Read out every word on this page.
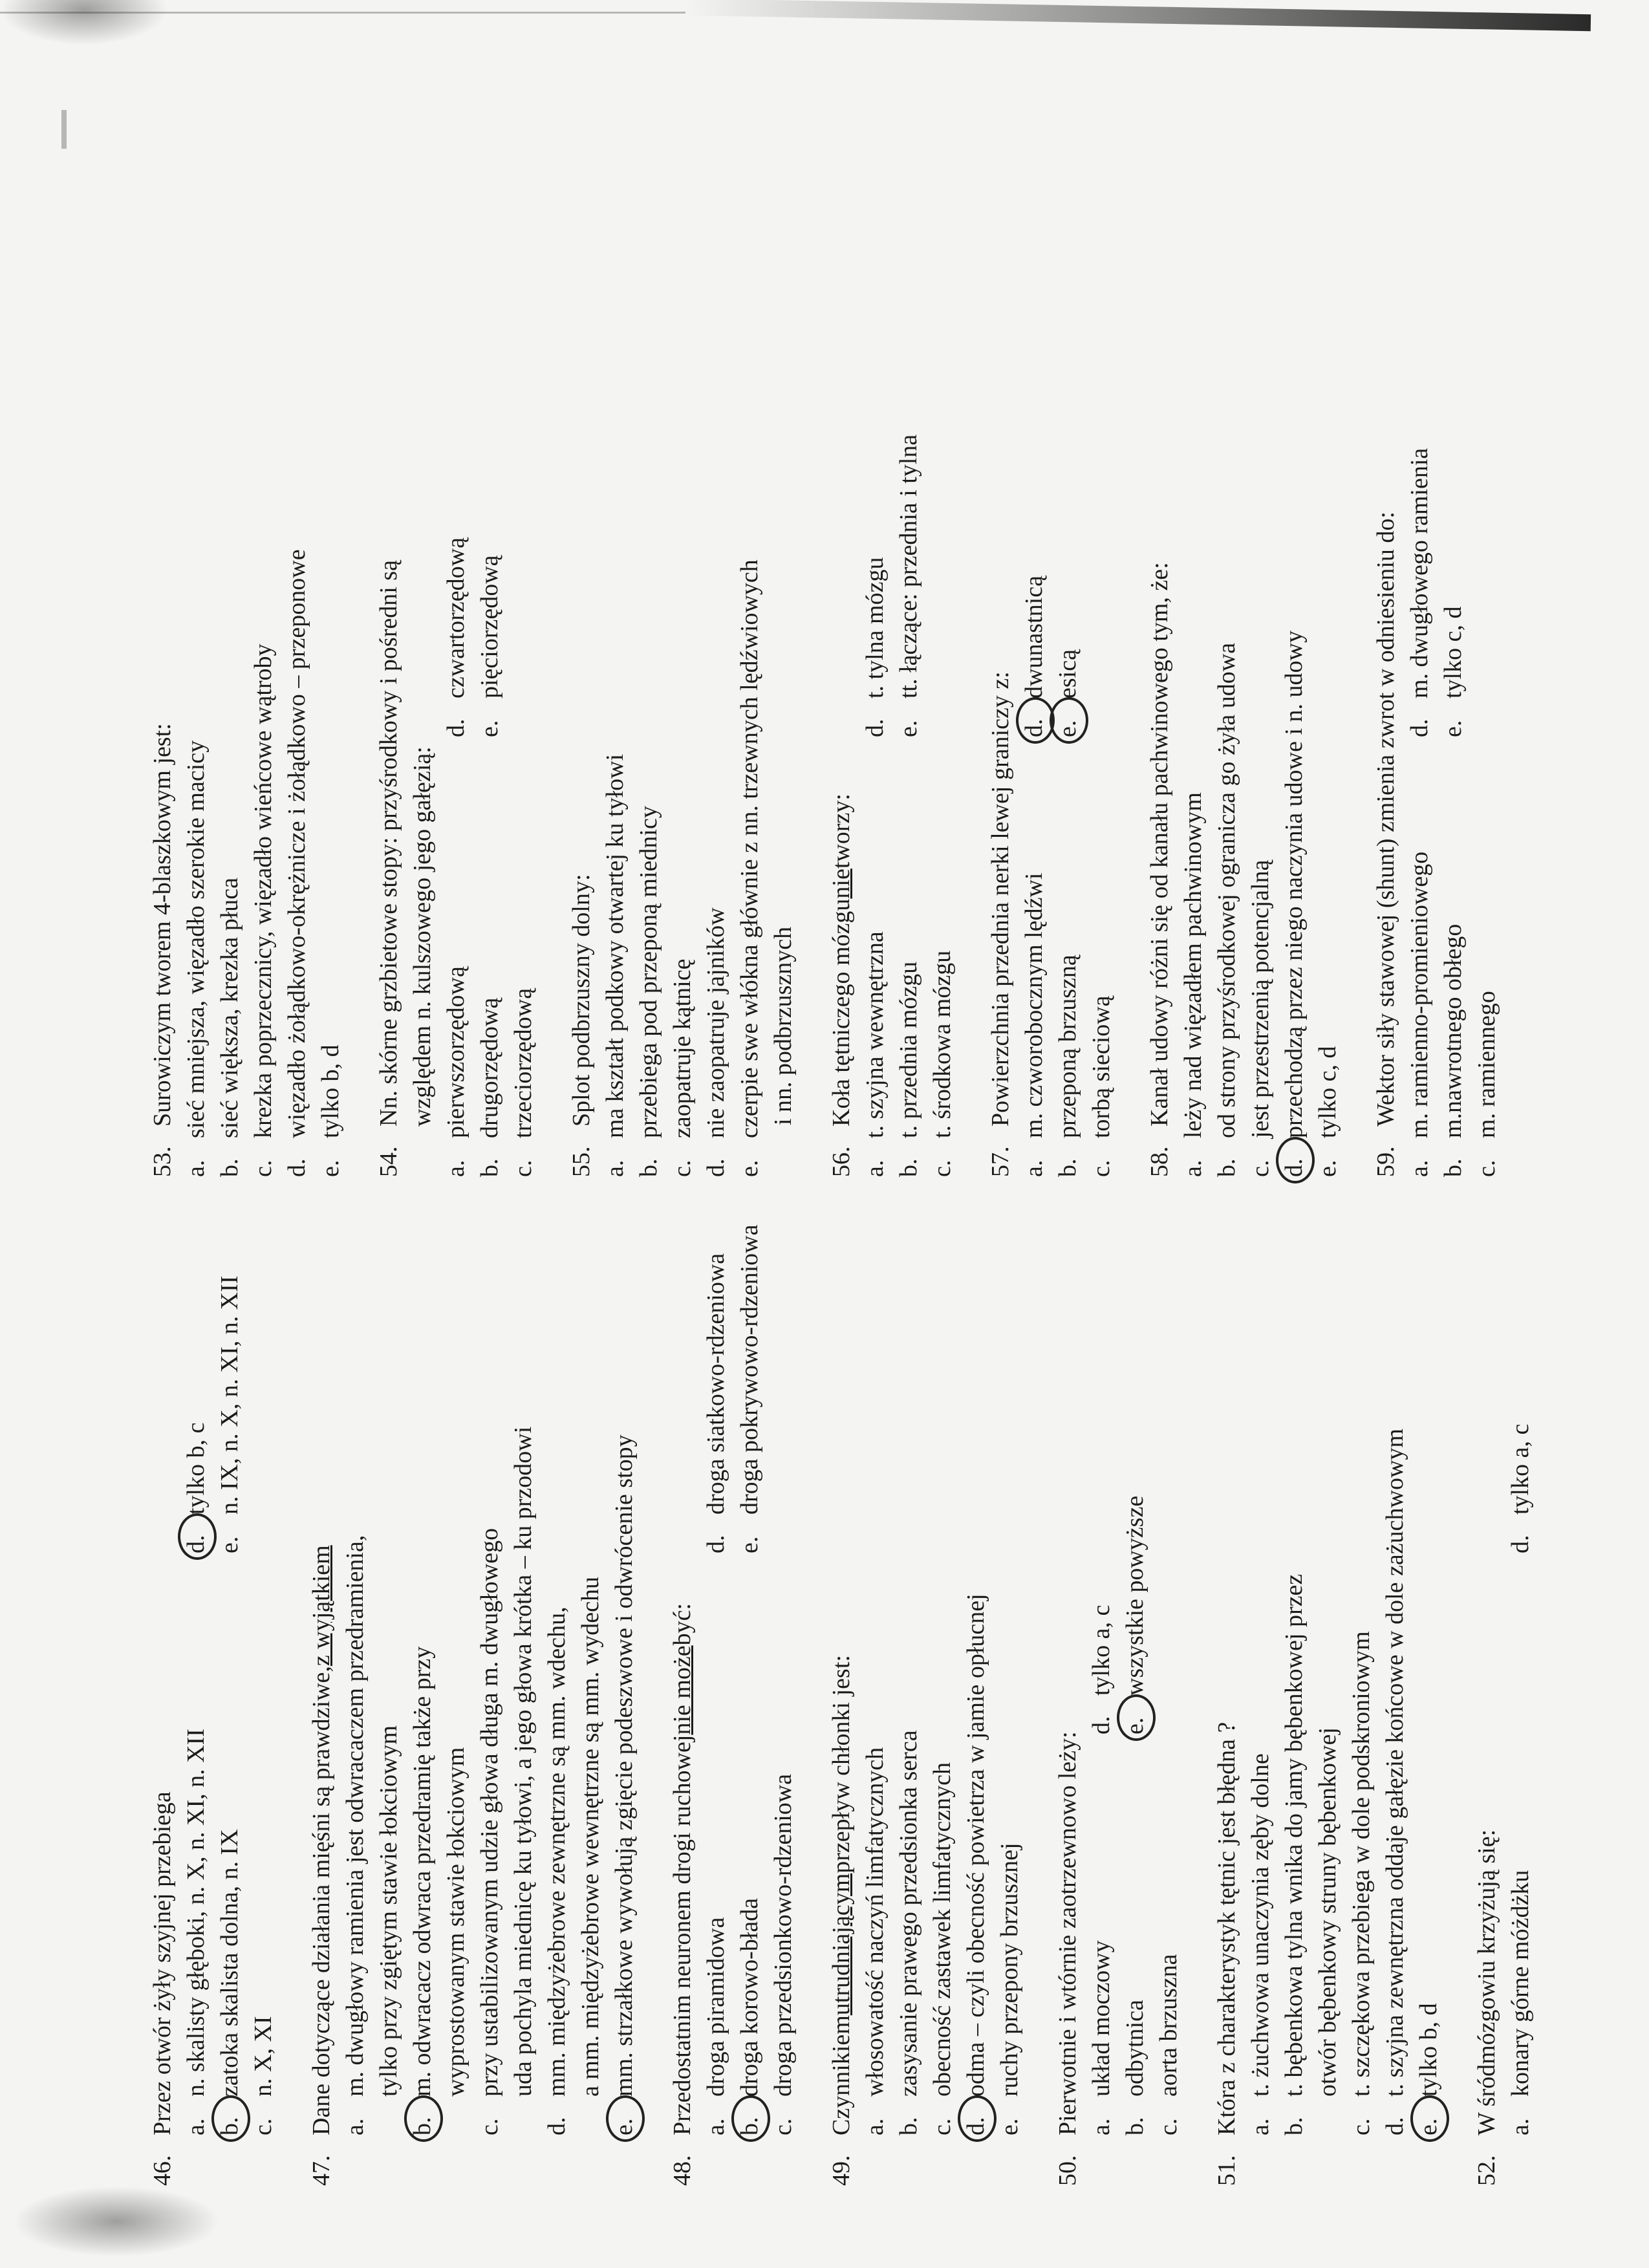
46.
Przez otwór żyły szyjnej przebiega a.
n. skalisty głęboki, n. X, n. XI, n. XII
d.
tylko b, c
b.
zatoka skalista dolna, n. IX
e.
n. IX, n. X, n. XI, n. XII
c.
n. X, XI
47.
Dane dotyczące działania mięśni są prawdziwe,
z wyjątkiem
a.
m. dwugłowy ramienia jest odwracaczem przedramienia, tylko przy zgiętym stawie łokciowym
b.
m. odwracacz odwraca przedramię także przy wyprostowanym stawie łokciowym
c.
przy ustabilizowanym udzie głowa długa m. dwugłowego uda pochyla miednicę ku tyłowi, a jego głowa krótka – ku przodowi
d.
mm. międzyżebrowe zewnętrzne są mm. wdechu, a mm. międzyżebrowe wewnętrzne są mm. wydechu
e.
mm. strzałkowe wywołują zgięcie podeszwowe i odwrócenie stopy
48.
Przedostatnim neuronem drogi ruchowej
nie może
być:
a.
droga piramidowa
d.
droga siatkowo-rdzeniowa
b.
droga korowo-błada
e.
droga pokrywowo-rdzeniowa
c.
droga przedsionkowo-rdzeniowa
49.
Czynnikiem
utrudniającym
przepływ chłonki jest:
a.
włosowatość naczyń limfatycznych
b.
zasysanie prawego przedsionka serca
c.
obecność zastawek limfatycznych
d.
odma – czyli obecność powietrza w jamie opłucnej
e.
ruchy przepony brzusznej
50.
Pierwotnie i wtórnie zaotrzewnowo leży: a.
układ moczowy
d.
tylko a, c
b.
odbytnica
e.
wszystkie powyższe
c.
aorta brzuszna
51.
Która z charakterystyk tętnic jest błędna ? a.
t. żuchwowa unaczynia zęby dolne
b.
t. bębenkowa tylna wnika do jamy bębenkowej przez otwór bębenkowy struny bębenkowej
c.
t. szczękowa przebiega w dole podskroniowym
d.
t. szyjna zewnętrzna oddaje gałęzie końcowe w dole zażuchwowym
e.
tylko b, d
52.
W śródmózgowiu krzyżują się: a.
konary górne móżdżku
d.
tylko a, c
53.
Surowiczym tworem 4-blaszkowym jest:
a.
sieć mniejsza, więzadło szerokie macicy
b.
sieć większa, krezka płuca
c.
krezka poprzecznicy, więzadło wieńcowe wątroby
d.
więzadło żołądkowo-okrężnicze i żołądkowo – przeponowe
e.
tylko b, d
54.
Nn. skórne grzbietowe stopy: przyśrodkowy i pośredni są względem n. kulszowego jego gałęzią:
a.
pierwszorzędową
d.
czwartorzędową
b.
drugorzędową
e.
pięciorzędową
c.
trzeciorzędową
55.
Splot podbrzuszny dolny:
a.
ma kształt podkowy otwartej ku tyłowi
b.
przebiega pod przeponą miednicy
c.
zaopatruje kątnicę
d.
nie zaopatruje jajników
e.
czerpie swe włókna głównie z nn. trzewnych lędźwiowych i nn. podbrzusznych
56.
Koła tętniczego mózgu
nie
tworzy:
a.
t. szyjna wewnętrzna
d.
t. tylna mózgu
b.
t. przednia mózgu
e.
tt. łączące: przednia i tylna
c.
t. środkowa mózgu
57.
Powierzchnia przednia nerki lewej graniczy z:
a.
m. czworobocznym lędźwi
d.
dwunastnicą
b.
przeponą brzuszną
e.
esicą
c.
torbą sieciową
58.
Kanał udowy różni się od kanału pachwinowego tym, że:
a.
leży nad więzadłem pachwinowym
b.
od strony przyśrodkowej ogranicza go żyła udowa
c.
jest przestrzenią potencjalną
d.
przechodzą przez niego naczynia udowe i n. udowy
e.
tylko c, d
59.
Wektor siły stawowej (shunt) zmienia zwrot w odniesieniu do:
a.
m. ramienno-promieniowego
d.
m. dwugłowego ramienia
b.
m.nawrotnego obłego
e.
tylko c, d
c.
m. ramiennego
